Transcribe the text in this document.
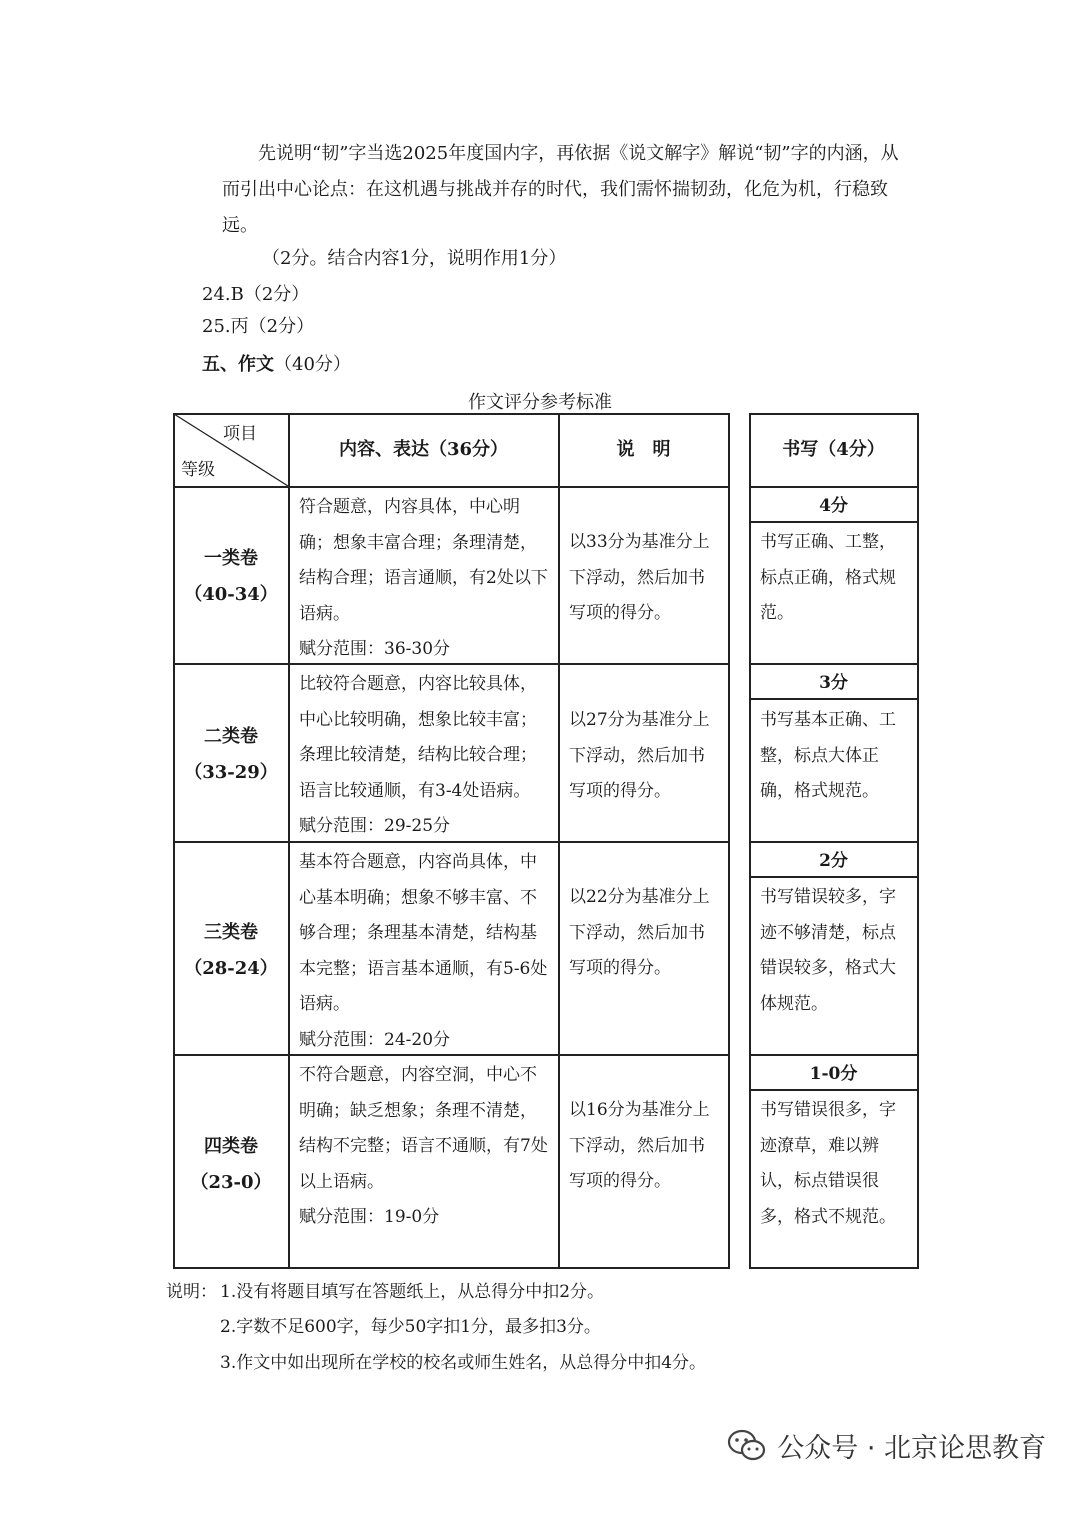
先说明“韧”字当选2025年度国内字，再依据《说文解字》解说“韧”字的内涵，从而引出中心论点：在这机遇与挑战并存的时代，我们需怀揣韧劲，化危为机，行稳致远。
（2分。结合内容1分，说明作用1分）
24.B（2分）
25.丙（2分）
五、作文（40分）
作文评分参考标准
项目
等级
内容、表达（36分）	说　明	书写（4分）
一类卷
（40-34）
符合题意，内容具体，中心明确；想象丰富合理；条理清楚，结构合理；语言通顺，有2处以下语病。
赋分范围：36-30分
以33分为基准分上下浮动，然后加书写项的得分。
4分
书写正确、工整，标点正确，格式规范。
二类卷
（33-29）
比较符合题意，内容比较具体，中心比较明确，想象比较丰富；条理比较清楚，结构比较合理；语言比较通顺，有3-4处语病。
赋分范围：29-25分
以27分为基准分上下浮动，然后加书写项的得分。
3分
书写基本正确、工整，标点大体正确，格式规范。
三类卷
（28-24）
基本符合题意，内容尚具体，中心基本明确；想象不够丰富、不够合理；条理基本清楚，结构基本完整；语言基本通顺，有5-6处语病。
赋分范围：24-20分
以22分为基准分上下浮动，然后加书写项的得分。
2分
书写错误较多，字迹不够清楚，标点错误较多，格式大体规范。
四类卷
（23-0）
不符合题意，内容空洞，中心不明确；缺乏想象；条理不清楚，结构不完整；语言不通顺，有7处以上语病。
赋分范围：19-0分
以16分为基准分上下浮动，然后加书写项的得分。
1-0分
书写错误很多，字迹潦草，难以辨认，标点错误很多，格式不规范。
说明： 1.没有将题目填写在答题纸上，从总得分中扣2分。
2.字数不足600字，每少50字扣1分，最多扣3分。
3.作文中如出现所在学校的校名或师生姓名，从总得分中扣4分。
公众号 · 北京论思教育
